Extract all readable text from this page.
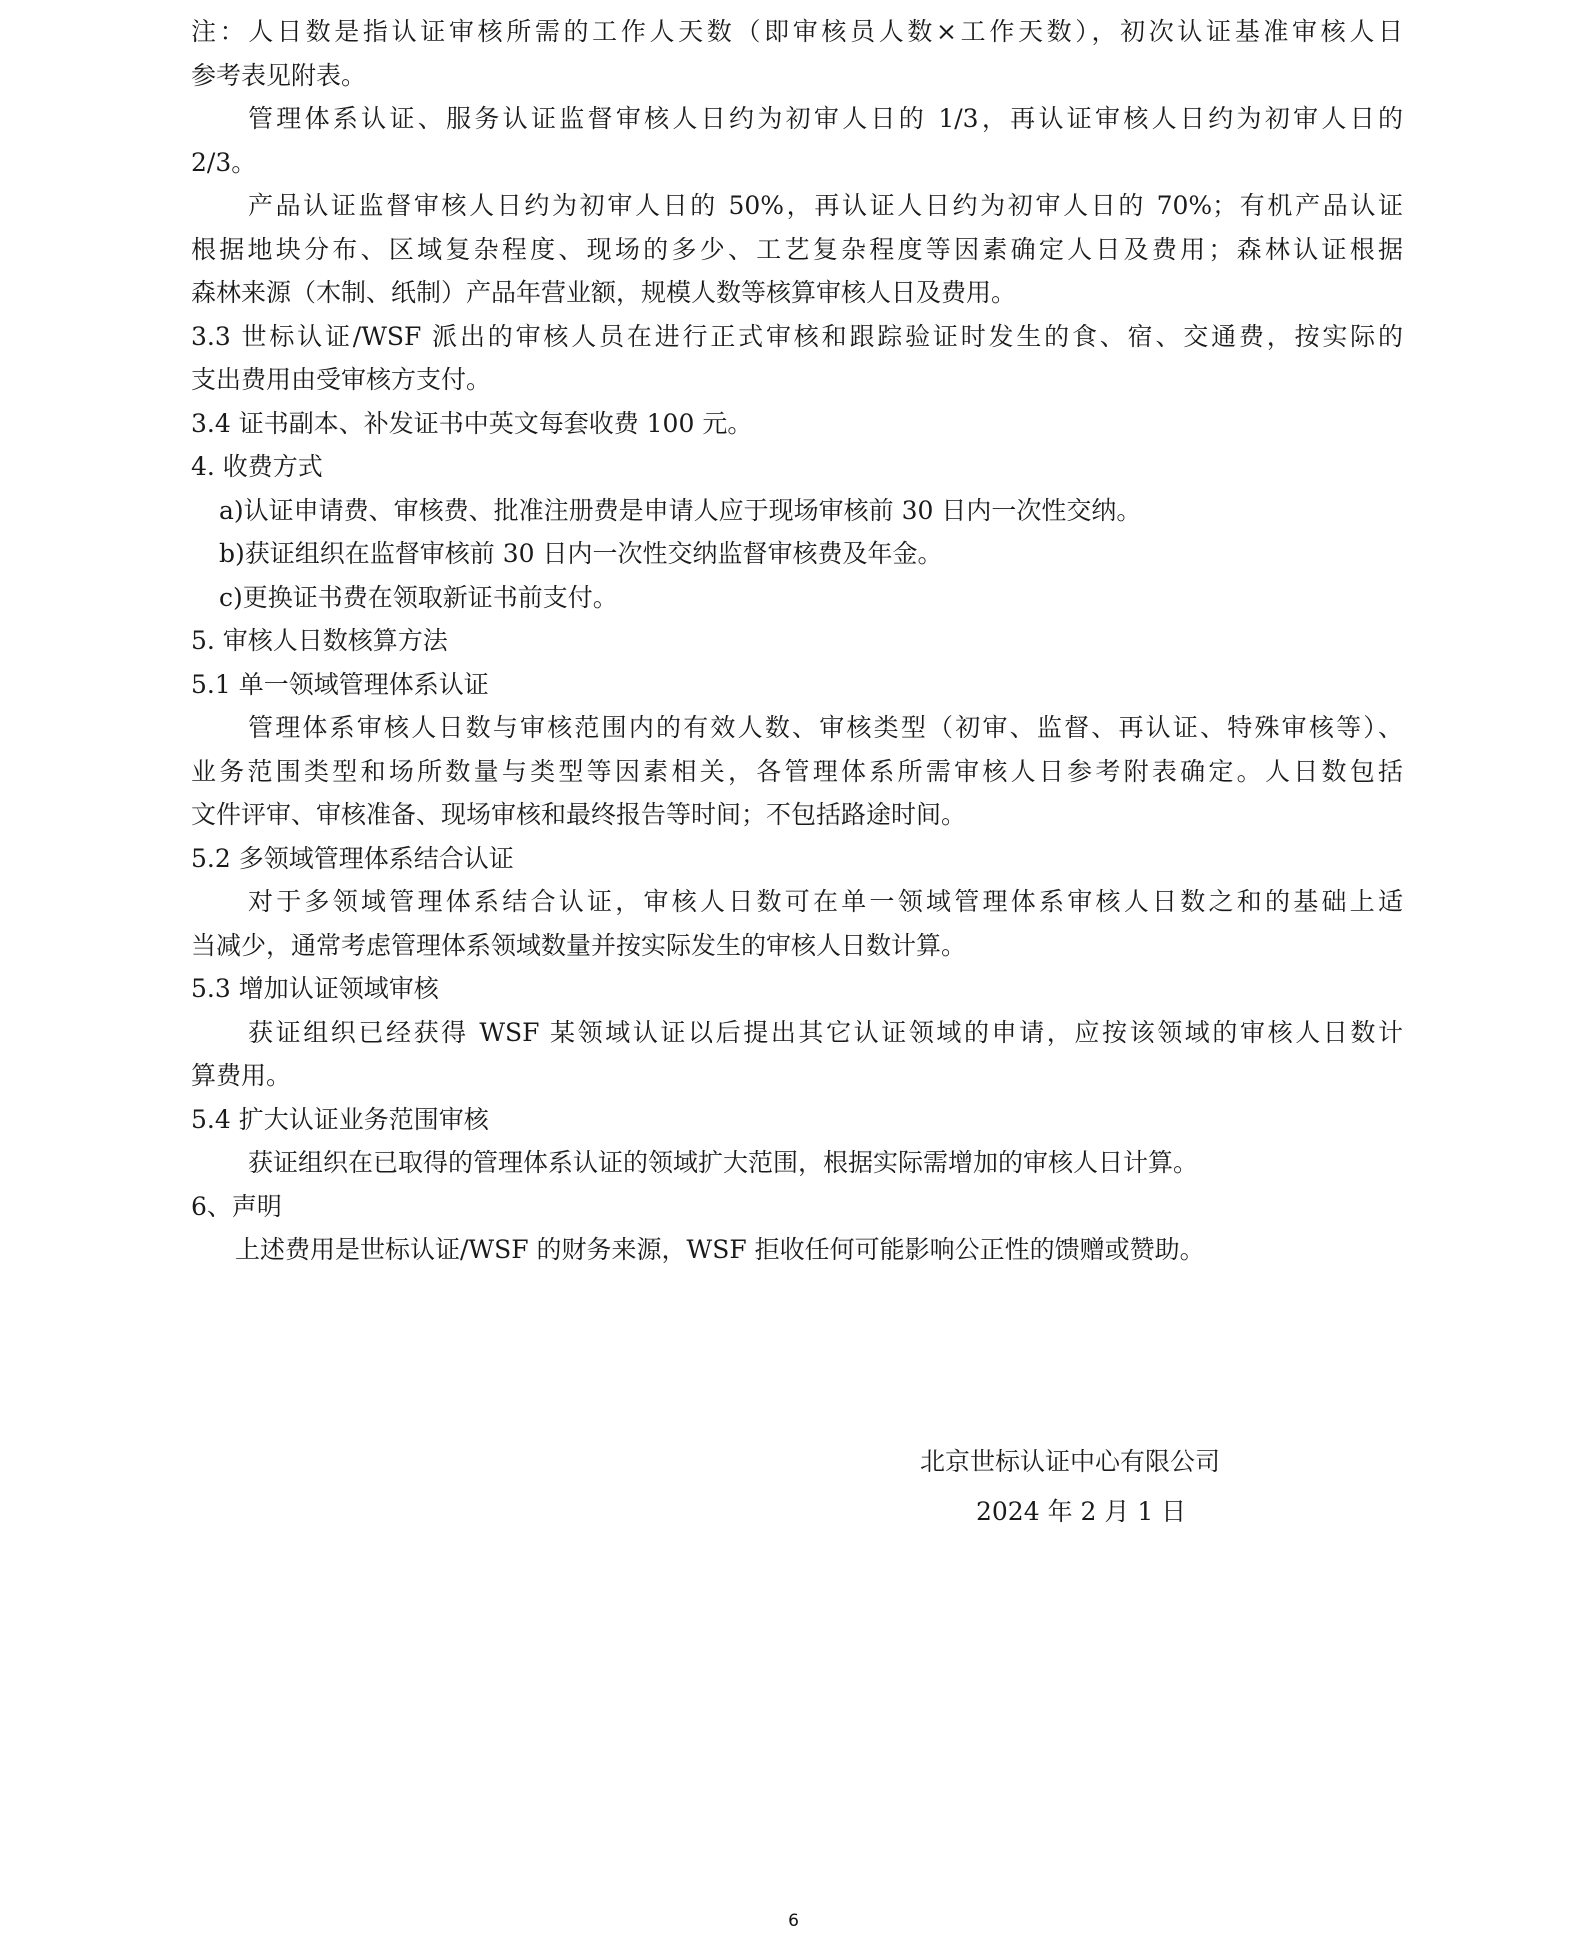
注：人日数是指认证审核所需的工作人天数（即审核员人数×工作天数），初次认证基准审核人日

参考表见附表。

管理体系认证、服务认证监督审核人日约为初审人日的 1/3，再认证审核人日约为初审人日的

2/3。

产品认证监督审核人日约为初审人日的 50%，再认证人日约为初审人日的 70%；有机产品认证

根据地块分布、区域复杂程度、现场的多少、工艺复杂程度等因素确定人日及费用；森林认证根据

森林来源（木制、纸制）产品年营业额，规模人数等核算审核人日及费用。

3.3 世标认证/WSF 派出的审核人员在进行正式审核和跟踪验证时发生的食、宿、交通费，按实际的

支出费用由受审核方支付。

3.4 证书副本、补发证书中英文每套收费 100 元。

4. 收费方式

a)认证申请费、审核费、批准注册费是申请人应于现场审核前 30 日内一次性交纳。

b)获证组织在监督审核前 30 日内一次性交纳监督审核费及年金。

c)更换证书费在领取新证书前支付。

5. 审核人日数核算方法

5.1 单一领域管理体系认证

管理体系审核人日数与审核范围内的有效人数、审核类型（初审、监督、再认证、特殊审核等）、

业务范围类型和场所数量与类型等因素相关，各管理体系所需审核人日参考附表确定。人日数包括

文件评审、审核准备、现场审核和最终报告等时间；不包括路途时间。

5.2 多领域管理体系结合认证

对于多领域管理体系结合认证，审核人日数可在单一领域管理体系审核人日数之和的基础上适

当减少，通常考虑管理体系领域数量并按实际发生的审核人日数计算。

5.3 增加认证领域审核

获证组织已经获得 WSF 某领域认证以后提出其它认证领域的申请，应按该领域的审核人日数计

算费用。

5.4 扩大认证业务范围审核

获证组织在已取得的管理体系认证的领域扩大范围，根据实际需增加的审核人日计算。

6、声明

上述费用是世标认证/WSF 的财务来源，WSF 拒收任何可能影响公正性的馈赠或赞助。

北京世标认证中心有限公司
2024 年 2 月 1 日
6
